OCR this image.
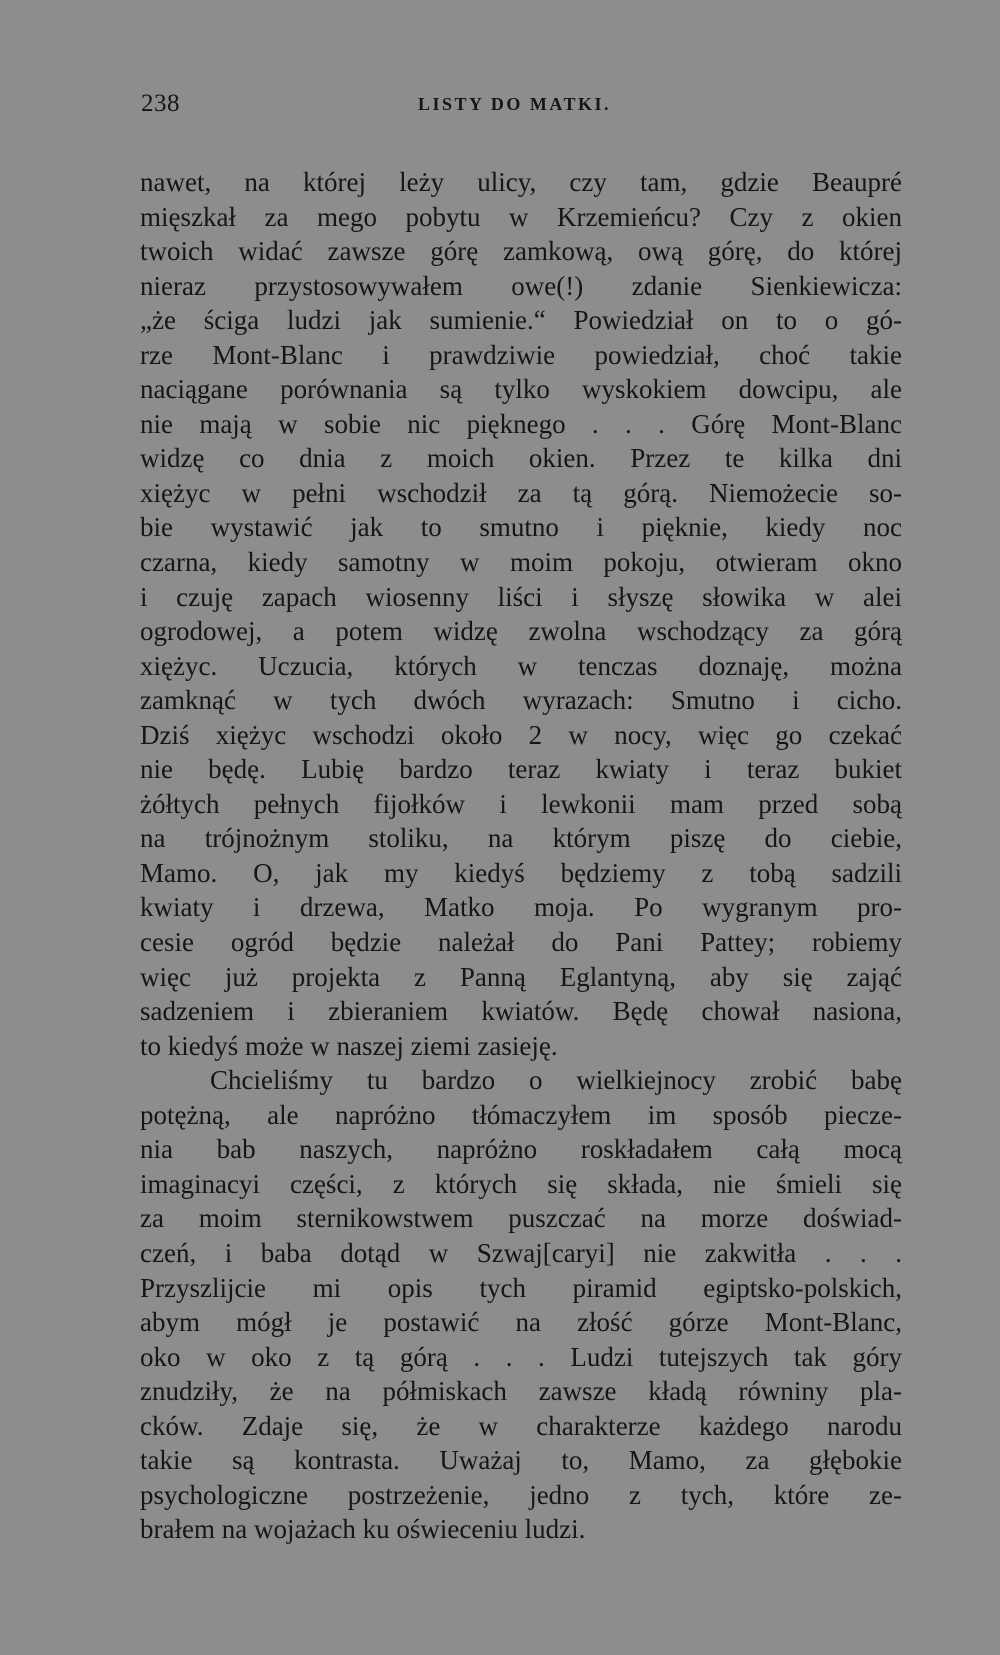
238	LISTY DO MATKI.
nawet, na której leży ulicy, czy tam, gdzie Beaupré
mięszkał za mego pobytu w Krzemieńcu? Czy z okien
twoich widać zawsze górę zamkową, ową górę, do której
nieraz przystosowywałem owe(!) zdanie Sienkiewicza:
„że ściga ludzi jak sumienie.“ Powiedział on to o gó-
rze Mont-Blanc i prawdziwie powiedział, choć takie
naciągane porównania są tylko wyskokiem dowcipu, ale
nie mają w sobie nic pięknego . . . Górę Mont-Blanc
widzę co dnia z moich okien. Przez te kilka dni
xiężyc w pełni wschodził za tą górą. Niemożecie so-
bie wystawić jak to smutno i pięknie, kiedy noc
czarna, kiedy samotny w moim pokoju, otwieram okno
i czuję zapach wiosenny liści i słyszę słowika w alei
ogrodowej, a potem widzę zwolna wschodzący za górą
xiężyc. Uczucia, których w tenczas doznaję, można
zamknąć w tych dwóch wyrazach: Smutno i cicho.
Dziś xiężyc wschodzi około 2 w nocy, więc go czekać
nie będę. Lubię bardzo teraz kwiaty i teraz bukiet
żółtych pełnych fijołków i lewkonii mam przed sobą
na trójnożnym stoliku, na którym piszę do ciebie,
Mamo. O, jak my kiedyś będziemy z tobą sadzili
kwiaty i drzewa, Matko moja. Po wygranym pro-
cesie ogród będzie należał do Pani Pattey; robiemy
więc już projekta z Panną Eglantyną, aby się zająć
sadzeniem i zbieraniem kwiatów. Będę chował nasiona,
to kiedyś może w naszej ziemi zasieję.
Chcieliśmy tu bardzo o wielkiejnocy zrobić babę
potężną, ale napróżno tłómaczyłem im sposób piecze-
nia bab naszych, napróżno roskładałem całą mocą
imaginacyi części, z których się składa, nie śmieli się
za moim sternikowstwem puszczać na morze doświad-
czeń, i baba dotąd w Szwaj[caryi] nie zakwitła . . .
Przyszlijcie mi opis tych piramid egiptsko-polskich,
abym mógł je postawić na złość górze Mont-Blanc,
oko w oko z tą górą . . . Ludzi tutejszych tak góry
znudziły, że na półmiskach zawsze kładą równiny pla-
cków. Zdaje się, że w charakterze każdego narodu
takie są kontrasta. Uważaj to, Mamo, za głębokie
psychologiczne postrzeżenie, jedno z tych, które ze-
brałem na wojażach ku oświeceniu ludzi.
